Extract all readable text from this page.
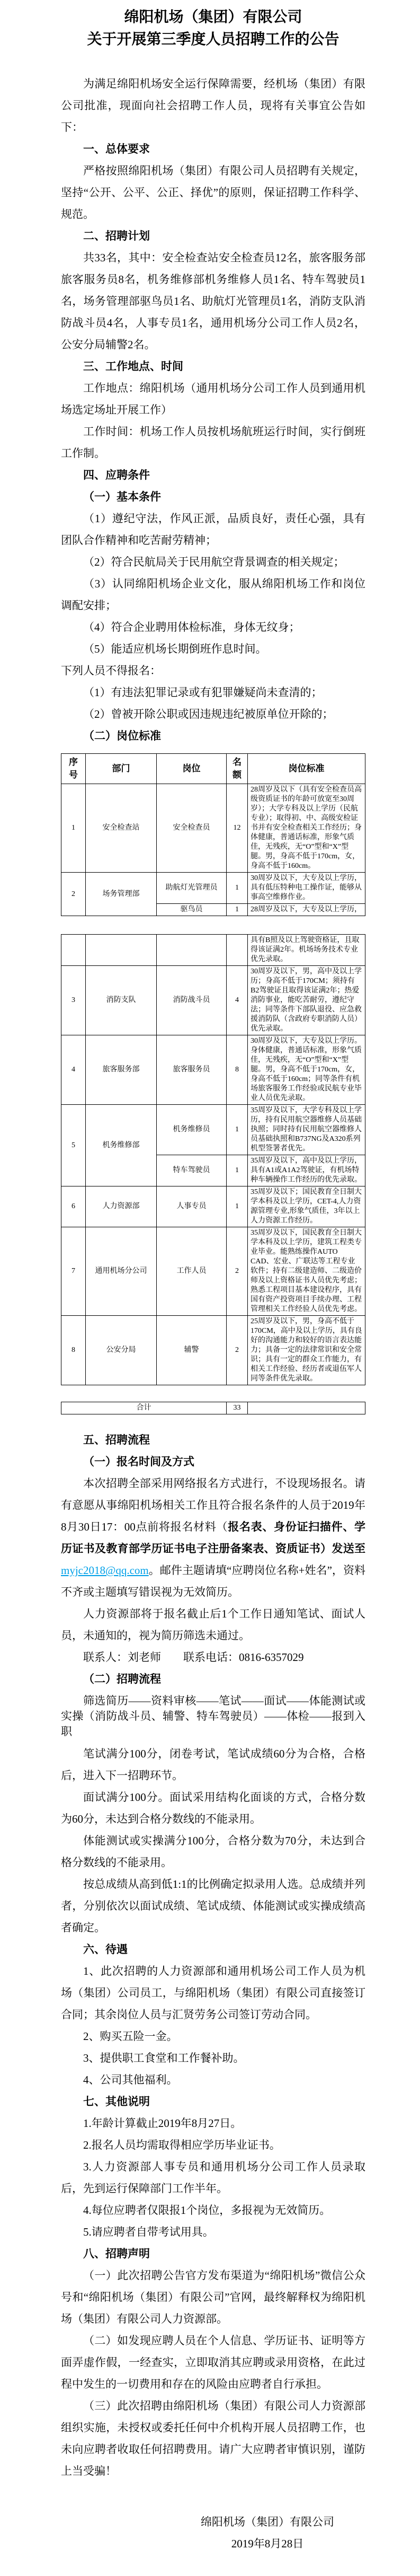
绵阳机场（集团）有限公司
关于开展第三季度人员招聘工作的公告

为满足绵阳机场安全运行保障需要，经机场（集团）有限公司批准，现面向社会招聘工作人员，现将有关事宜公告如下：

一、总体要求

严格按照绵阳机场（集团）有限公司人员招聘有关规定，坚持“公开、公平、公正、择优”的原则，保证招聘工作科学、规范。

二、招聘计划

共33名，其中：安全检查站安全检查员12名，旅客服务部旅客服务员8名，机务维修部机务维修人员1名、特车驾驶员1名，场务管理部驱鸟员1名、助航灯光管理员1名，消防支队消防战斗员4名，人事专员1名，通用机场分公司工作人员2名，公安分局辅警2名。

三、工作地点、时间

工作地点：绵阳机场（通用机场分公司工作人员到通用机场选定场址开展工作）

工作时间：机场工作人员按机场航班运行时间，实行倒班工作制。

四、应聘条件

（一）基本条件

（1）遵纪守法，作风正派，品质良好，责任心强，具有团队合作精神和吃苦耐劳精神；

（2）符合民航局关于民用航空背景调查的相关规定；

（3）认同绵阳机场企业文化，服从绵阳机场工作和岗位调配安排；

（4）符合企业聘用体检标准，身体无纹身；

（5）能适应机场长期倒班作息时间。

下列人员不得报名：

（1）有违法犯罪记录或有犯罪嫌疑尚未查清的；

（2）曾被开除公职或因违规违纪被原单位开除的；

（二）岗位标准

序号	部门	岗位	名额	岗位标准
1	安全检查站	安全检查员	12	28周岁及以下（具有安全检查员高级资质证书的年龄可放宽至30周岁）；大学专科及以上学历（民航专业）；取得初、中、高级安检证书并有安全检查相关工作经历；身体健康，普通话标准，形象气质佳，无残疾，无“O”型和“X”型腿。男，身高不低于170cm，女，身高不低于160cm。
2	场务管理部	助航灯光管理员	1	30周岁及以下，大专及以上学历，具有低压特种电工操作证，能够从事高空维修作业。
		驱鸟员	1	28周岁及以下，大专及以上学历，
				具有B照及以上驾驶资格证，且取得该证满2年。机场场务技术专业优先录取。
3	消防支队	消防战斗员	4	30周岁及以下，男，高中及以上学历；身高不低于170CM；须持有B2驾驶证且取得该证满2年；热爱消防事业，能吃苦耐劳，遵纪守法；同等条件下部队退役、应急救援消防队（含政府专职消防人员）优先录取。
4	旅客服务部	旅客服务员	8	30周岁及以下，大专及以上学历。身体健康，普通话标准，形象气质佳，无残疾，无“O”型和“X”型腿。男，身高不低于170cm，女，身高不低于160cm；同等条件有机场旅客服务工作经验或民航专业毕业人员优先录取。
5	机务维修部	机务维修员	1	35周岁及以下，大学专科及以上学历，持有民用航空器维修人员基础执照；同时持有民用航空器维修人员基础执照和B737NG及A320系列机型签署者优先。
		特车驾驶员	1	35周岁及以下，高中及以上学历，具有A1或A1A2驾驶证，有机场特种车辆操作工作经历的优先录取。
6	人力资源部	人事专员	1	35周岁及以下；国民教育全日制大学本科及以上学历，CET-4,人力资源管理专业,形象气质佳，3年以上人力资源工作经历。
7	通用机场分公司	工作人员	2	35周岁及以下，国民教育全日制大学本科及以上学历，建筑工程类专业毕业。能熟练操作AUTO CAD、宏业、广联达等工程专业软件；持有二级建造师、二级造价师及以上资格证书人员优先考虑；熟悉工程项目基本建设程序，具有国有资产投资项目手续办理、工程管理相关工作经验人员优先考虑。
8	公安分局	辅警	2	25周岁及以下，男，身高不低于170CM，高中及以上学历，具有良好的沟通能力和较好的语言表达能力；具备一定的法律常识和安全常识；具有一定的群众工作能力，有相关工作经验、经历者或退伍军人同等条件优先录取。
合计	33	

五、招聘流程

（一）报名时间及方式

本次招聘全部采用网络报名方式进行，不设现场报名。请有意愿从事绵阳机场相关工作且符合报名条件的人员于2019年8月30日17：00点前将报名材料（报名表、身份证扫描件、学历证书及教育部学历证书电子注册备案表、资质证书）发送至myjc2018@qq.com。邮件主题请填“应聘岗位名称+姓名”，资料不齐或主题填写错误视为无效简历。

人力资源部将于报名截止后1个工作日通知笔试、面试人员，未通知的，视为简历筛选未通过。

联系人：刘老师　　联系电话：0816-6357029

（二）招聘流程

筛选简历——资料审核——笔试——面试——体能测试或实操（消防战斗员、辅警、特车驾驶员）——体检——报到入职

笔试满分100分，闭卷考试，笔试成绩60分为合格，合格后，进入下一招聘环节。

面试满分100分。面试采用结构化面谈的方式，合格分数为60分，未达到合格分数线的不能录用。

体能测试或实操满分100分，合格分数为70分，未达到合格分数线的不能录用。

按总成绩从高到低1:1的比例确定拟录用人选。总成绩并列者，分别依次以面试成绩、笔试成绩、体能测试或实操成绩高者确定。

六、待遇

1、此次招聘的人力资源部和通用机场公司工作人员为机场（集团）公司员工，与绵阳机场（集团）有限公司直接签订合同；其余岗位人员与汇贤劳务公司签订劳动合同。

2、购买五险一金。

3、提供职工食堂和工作餐补助。

4、公司其他福利。

七、其他说明

1.年龄计算截止2019年8月27日。

2.报名人员均需取得相应学历毕业证书。

3.人力资源部人事专员和通用机场分公司工作人员录取后，先到运行保障部门工作半年。

4.每位应聘者仅限报1个岗位，多报视为无效简历。

5.请应聘者自带考试用具。

八、招聘声明

（一）此次招聘公告官方发布渠道为“绵阳机场”微信公众号和“绵阳机场（集团）有限公司”官网，最终解释权为绵阳机场（集团）有限公司人力资源部。

（二）如发现应聘人员在个人信息、学历证书、证明等方面弄虚作假，一经查实，立即取消其应聘或录用资格，在此过程中发生的一切费用和存在的风险由应聘者自行承担。

（三）此次招聘由绵阳机场（集团）有限公司人力资源部组织实施，未授权或委托任何中介机构开展人员招聘工作，也未向应聘者收取任何招聘费用。请广大应聘者审慎识别，谨防上当受骗！

绵阳机场（集团）有限公司
2019年8月28日
